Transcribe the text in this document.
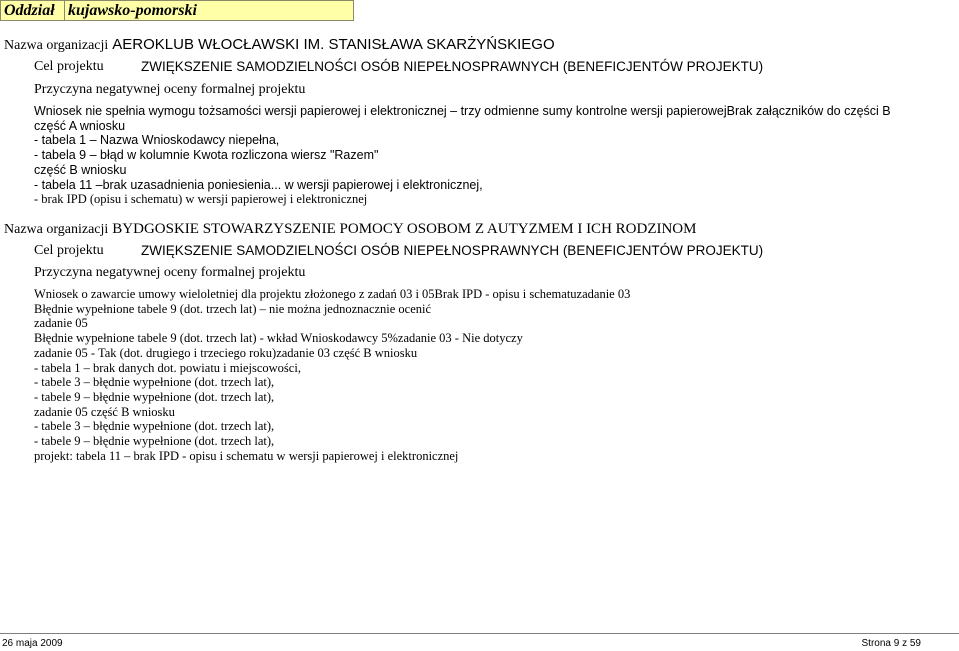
Oddział kujawsko-pomorski
Nazwa organizacji AEROKLUB WŁOCŁAWSKI IM. STANISŁAWA SKARŻYŃSKIEGO
Cel projektu	ZWIĘKSZENIE SAMODZIELNOŚCI OSÓB NIEPEŁNOSPRAWNYCH (BENEFICJENTÓW PROJEKTU)
Przyczyna negatywnej oceny formalnej projektu
Wniosek nie spełnia wymogu tożsamości wersji papierowej i elektronicznej – trzy odmienne sumy kontrolne wersji papierowejBrak załączników do części B
część A wniosku
- tabela 1 – Nazwa Wnioskodawcy niepełna,
- tabela 9 – błąd w kolumnie Kwota rozliczona wiersz "Razem"
część B wniosku
- tabela 11 –brak uzasadnienia poniesienia... w wersji papierowej i elektronicznej,
- brak IPD (opisu i schematu) w wersji papierowej i elektronicznej
Nazwa organizacji BYDGOSKIE STOWARZYSZENIE POMOCY OSOBOM Z AUTYZMEM I ICH RODZINOM
Cel projektu	ZWIĘKSZENIE SAMODZIELNOŚCI OSÓB NIEPEŁNOSPRAWNYCH (BENEFICJENTÓW PROJEKTU)
Przyczyna negatywnej oceny formalnej projektu
Wniosek o zawarcie umowy wieloletniej dla projektu złożonego z zadań 03 i 05Brak IPD - opisu i schematuzadanie 03
Błędnie wypełnione tabele 9 (dot. trzech lat) – nie można jednoznacznie ocenić
zadanie 05
Błędnie wypełnione tabele 9 (dot. trzech lat) - wkład Wnioskodawcy 5%zadanie 03 - Nie dotyczy
zadanie 05 - Tak (dot. drugiego i trzeciego roku)zadanie 03 część B wniosku
- tabela 1 – brak danych dot. powiatu i miejscowości,
- tabele 3 – błędnie wypełnione (dot. trzech lat),
- tabele 9 – błędnie wypełnione (dot. trzech lat),
zadanie 05 część B wniosku
- tabele 3 – błędnie wypełnione (dot. trzech lat),
- tabele 9 – błędnie wypełnione (dot. trzech lat),
projekt: tabela 11 – brak IPD - opisu i schematu w wersji papierowej i elektronicznej
26 maja 2009	Strona 9 z 59
